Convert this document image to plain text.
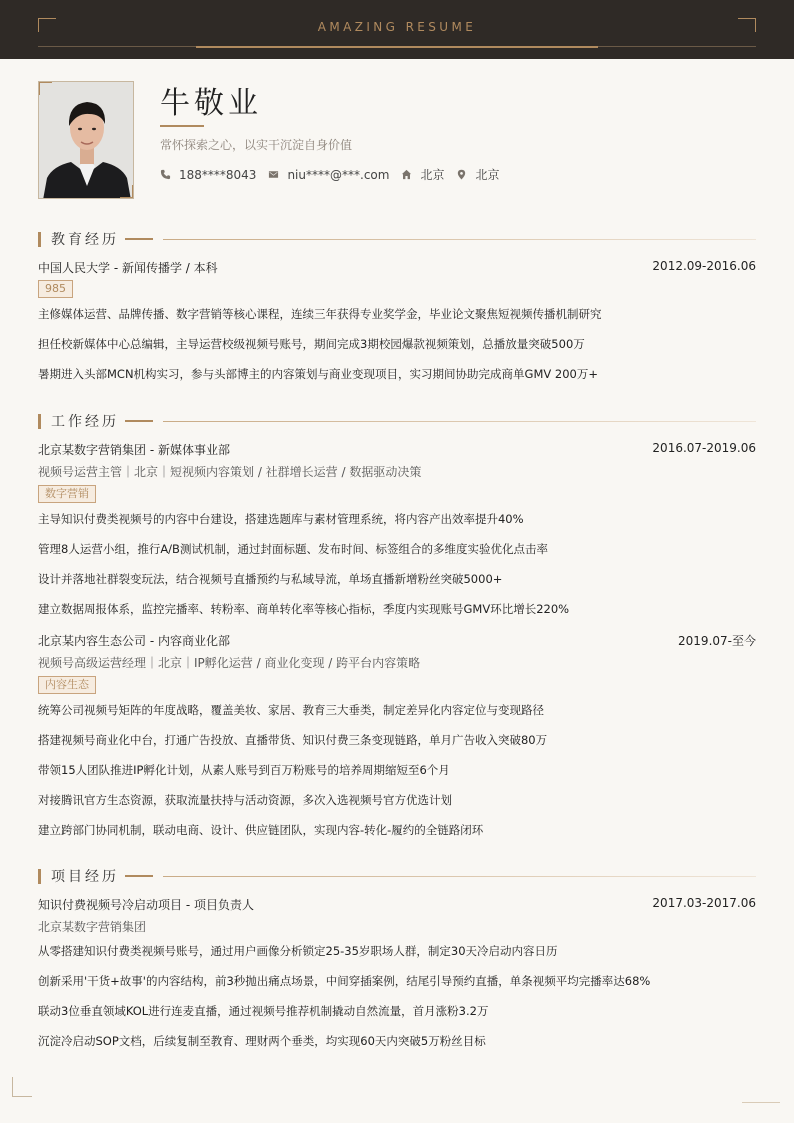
AMAZING RESUME
牛敬业
常怀探索之心，以实干沉淀自身价值
188****8043	niu****@***.com	北京	北京
教育经历
中国人民大学 - 新闻传播学 / 本科	2012.09-2016.06
985
主修媒体运营、品牌传播、数字营销等核心课程，连续三年获得专业奖学金，毕业论文聚焦短视频传播机制研究
担任校新媒体中心总编辑，主导运营校级视频号账号，期间完成3期校园爆款视频策划，总播放量突破500万
暑期进入头部MCN机构实习，参与头部博主的内容策划与商业变现项目，实习期间协助完成商单GMV 200万+
工作经历
北京某数字营销集团 - 新媒体事业部	2016.07-2019.06
视频号运营主管｜北京｜短视频内容策划 / 社群增长运营 / 数据驱动决策
数字营销
主导知识付费类视频号的内容中台建设，搭建选题库与素材管理系统，将内容产出效率提升40%
管理8人运营小组，推行A/B测试机制，通过封面标题、发布时间、标签组合的多维度实验优化点击率
设计并落地社群裂变玩法，结合视频号直播预约与私域导流，单场直播新增粉丝突破5000+
建立数据周报体系，监控完播率、转粉率、商单转化率等核心指标，季度内实现账号GMV环比增长220%
北京某内容生态公司 - 内容商业化部	2019.07-至今
视频号高级运营经理｜北京｜IP孵化运营 / 商业化变现 / 跨平台内容策略
内容生态
统筹公司视频号矩阵的年度战略，覆盖美妆、家居、教育三大垂类，制定差异化内容定位与变现路径
搭建视频号商业化中台，打通广告投放、直播带货、知识付费三条变现链路，单月广告收入突破80万
带领15人团队推进IP孵化计划，从素人账号到百万粉账号的培养周期缩短至6个月
对接腾讯官方生态资源，获取流量扶持与活动资源，多次入选视频号官方优选计划
建立跨部门协同机制，联动电商、设计、供应链团队，实现内容-转化-履约的全链路闭环
项目经历
知识付费视频号冷启动项目 - 项目负责人	2017.03-2017.06
北京某数字营销集团
从零搭建知识付费类视频号账号，通过用户画像分析锁定25-35岁职场人群，制定30天冷启动内容日历
创新采用'干货+故事'的内容结构，前3秒抛出痛点场景，中间穿插案例，结尾引导预约直播，单条视频平均完播率达68%
联动3位垂直领域KOL进行连麦直播，通过视频号推荐机制撬动自然流量，首月涨粉3.2万
沉淀冷启动SOP文档，后续复制至教育、理财两个垂类，均实现60天内突破5万粉丝目标
